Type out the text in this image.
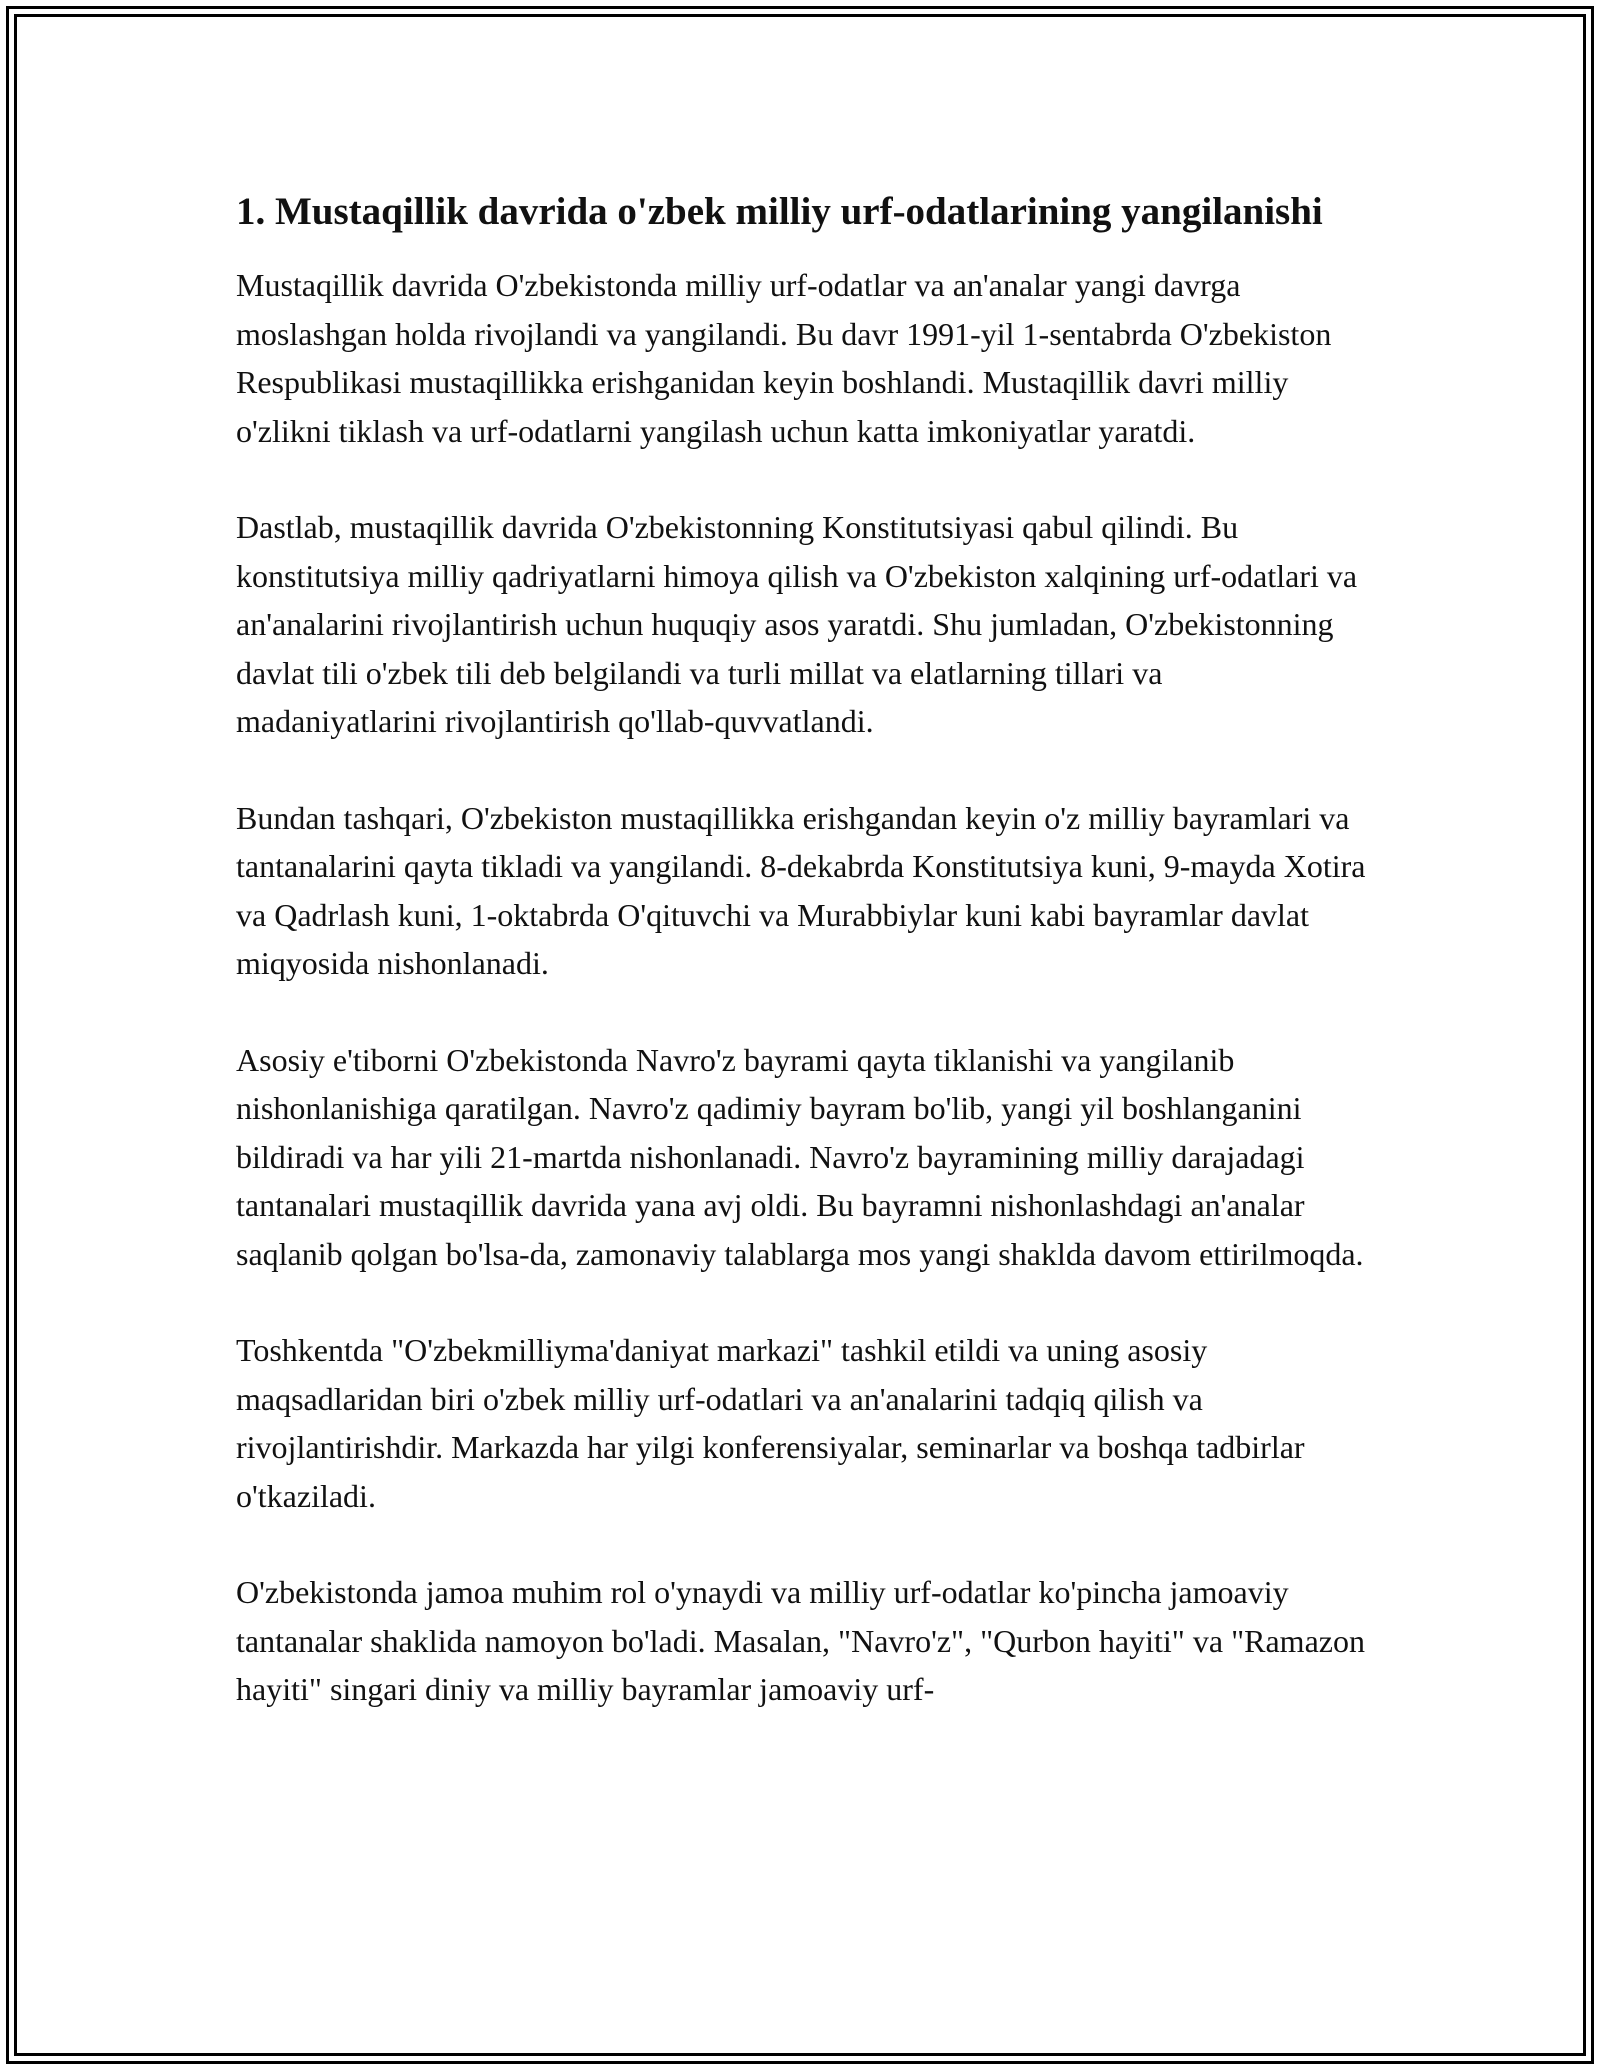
1. Mustaqillik davrida o'zbek milliy urf-odatlarining yangilanishi

Mustaqillik davrida O'zbekistonda milliy urf-odatlar va an'analar yangi davrga moslashgan holda rivojlandi va yangilandi. Bu davr 1991-yil 1-sentabrda O'zbekiston Respublikasi mustaqillikka erishganidan keyin boshlandi. Mustaqillik davri milliy o'zlikni tiklash va urf-odatlarni yangilash uchun katta imkoniyatlar yaratdi.

Dastlab, mustaqillik davrida O'zbekistonning Konstitutsiyasi qabul qilindi. Bu konstitutsiya milliy qadriyatlarni himoya qilish va O'zbekiston xalqining urf-odatlari va an'analarini rivojlantirish uchun huquqiy asos yaratdi. Shu jumladan, O'zbekistonning davlat tili o'zbek tili deb belgilandi va turli millat va elatlarning tillari va madaniyatlarini rivojlantirish qo'llab-quvvatlandi.

Bundan tashqari, O'zbekiston mustaqillikka erishgandan keyin o'z milliy bayramlari va tantanalarini qayta tikladi va yangilandi. 8-dekabrda Konstitutsiya kuni, 9-mayda Xotira va Qadrlash kuni, 1-oktabrda O'qituvchi va Murabbiylar kuni kabi bayramlar davlat miqyosida nishonlanadi.

Asosiy e'tiborni O'zbekistonda Navro'z bayrami qayta tiklanishi va yangilanib nishonlanishiga qaratilgan. Navro'z qadimiy bayram bo'lib, yangi yil boshlanganini bildiradi va har yili 21-martda nishonlanadi. Navro'z bayramining milliy darajadagi tantanalari mustaqillik davrida yana avj oldi. Bu bayramni nishonlashdagi an'analar saqlanib qolgan bo'lsa-da, zamonaviy talablarga mos yangi shaklda davom ettirilmoqda.

Toshkentda "O'zbekmilliyma'daniyat markazi" tashkil etildi va uning asosiy maqsadlaridan biri o'zbek milliy urf-odatlari va an'analarini tadqiq qilish va rivojlantirishdir. Markazda har yilgi konferensiyalar, seminarlar va boshqa tadbirlar o'tkaziladi.

O'zbekistonda jamoa muhim rol o'ynaydi va milliy urf-odatlar ko'pincha jamoaviy tantanalar shaklida namoyon bo'ladi. Masalan, "Navro'z", "Qurbon hayiti" va "Ramazon hayiti" singari diniy va milliy bayramlar jamoaviy urf-
